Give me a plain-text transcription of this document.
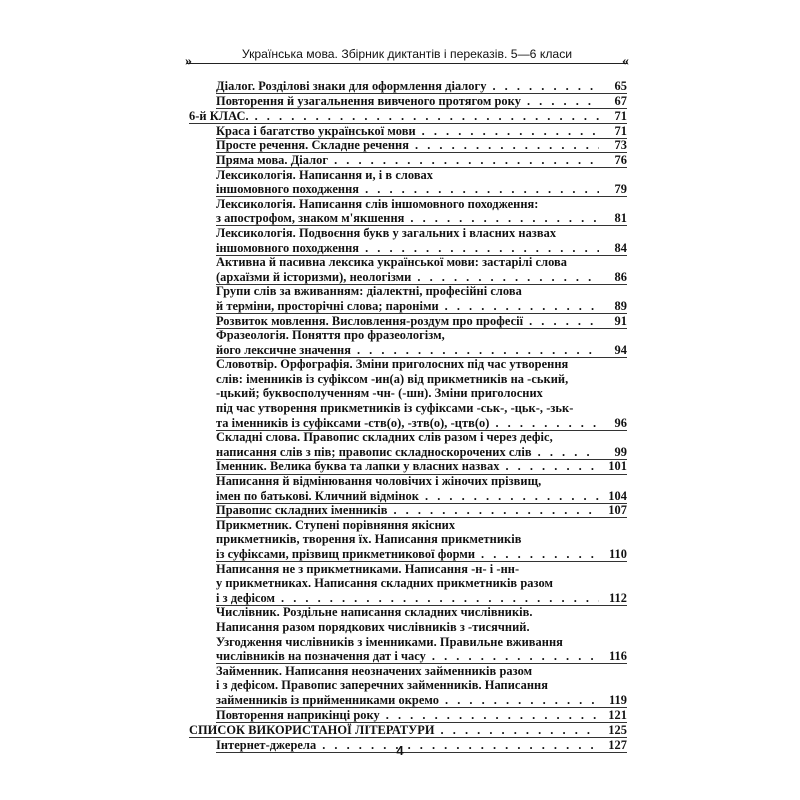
»	Українська мова. Збірник диктантів і переказів. 5—6 класи	«
Діалог. Розділові знаки для оформлення діалогу . . .	65
Повторення й узагальнення вивченого протягом року . . .	67
6-й КЛАС. . . .	71
Краса і багатство української мови . . .	71
Просте речення. Складне речення . . .	73
Пряма мова. Діалог . . .	76
Лексикологія. Написання и, і в словах
іншомовного походження . . .	79
Лексикологія. Написання слів іншомовного походження:
з апострофом, знаком м'якшення . . .	81
Лексикологія. Подвоєння букв у загальних і власних назвах
іншомовного походження . . .	84
Активна й пасивна лексика української мови: застарілі слова
(архаїзми й історизми), неологізми . . .	86
Групи слів за вживанням: діалектні, професійні слова
й терміни, просторічні слова; пароніми . . .	89
Розвиток мовлення. Висловлення-роздум про професії . . .	91
Фразеологія. Поняття про фразеологізм,
його лексичне значення . . .	94
Словотвір. Орфографія. Зміни приголосних під час утворення
слів: іменників із суфіксом -ин(а) від прикметників на -ський,
-цький; буквосполученням -чн- (-шн). Зміни приголосних
під час утворення прикметників із суфіксами -ськ-, -цьк-, -зьк-
та іменників із суфіксами -ств(о), -зтв(о), -цтв(о) . . .	96
Складні слова. Правопис складних слів разом і через дефіс,
написання слів з пів; правопис складноскорочених слів . . .	99
Іменник. Велика буква та лапки у власних назвах . . .	101
Написання й відмінювання чоловічих і жіночих прізвищ,
імен по батькові. Кличний відмінок . . .	104
Правопис складних іменників . . .	107
Прикметник. Ступені порівняння якісних
прикметників, творення їх. Написання прикметників
із суфіксами, прізвищ прикметникової форми . . .	110
Написання не з прикметниками. Написання -н- і -нн-
у прикметниках. Написання складних прикметників разом
і з дефісом . . .	112
Числівник. Роздільне написання складних числівників.
Написання разом порядкових числівників з -тисячний.
Узгодження числівників з іменниками. Правильне вживання
числівників на позначення дат і часу . . .	116
Займенник. Написання неозначених займенників разом
і з дефісом. Правопис заперечних займенників. Написання
займенників із прийменниками окремо . . .	119
Повторення наприкінці року . . .	121
СПИСОК ВИКОРИСТАНОЇ ЛІТЕРАТУРИ . . .	125
Інтернет-джерела . . .	127
4
